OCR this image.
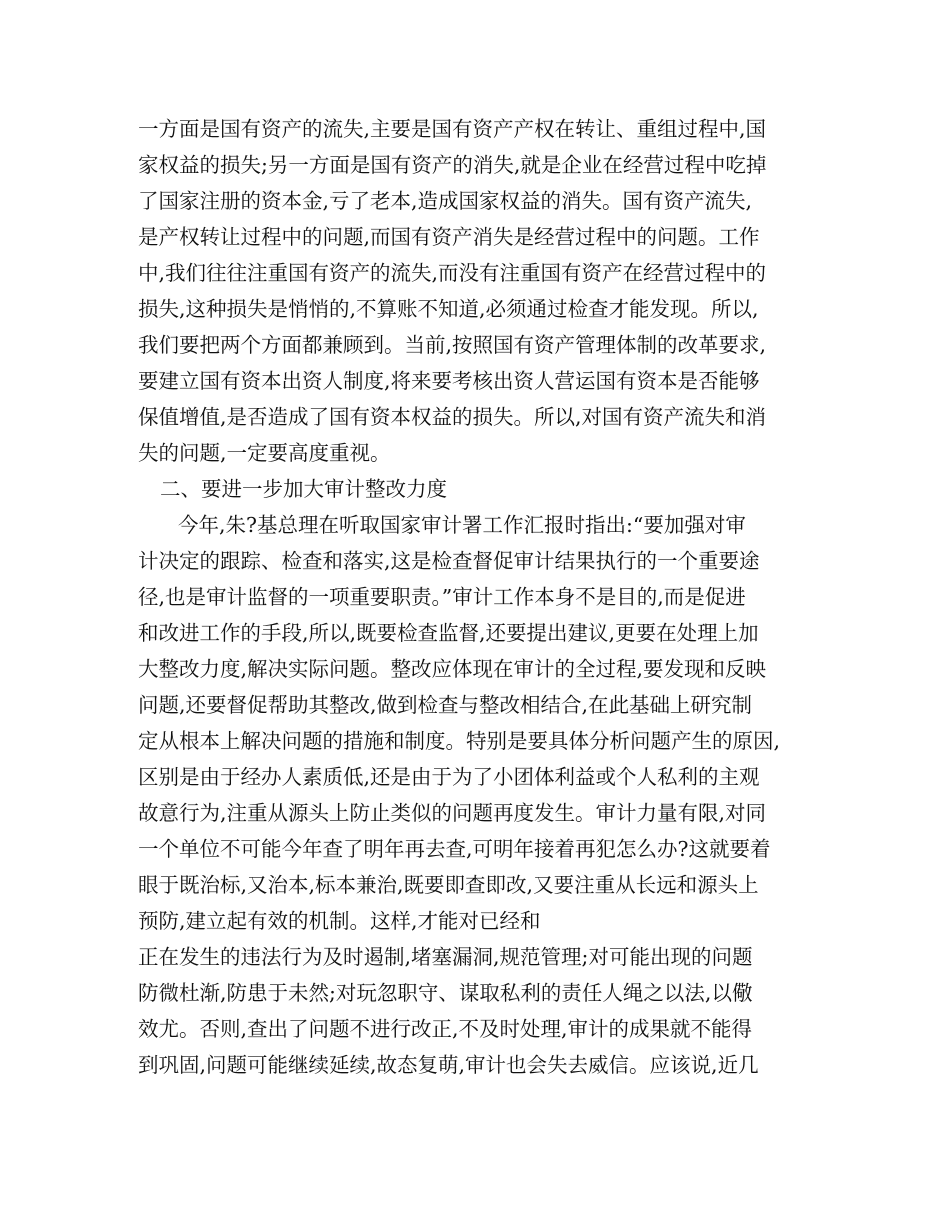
一方面是国有资产的流失,主要是国有资产产权在转让、重组过程中,国
家权益的损失;另一方面是国有资产的消失,就是企业在经营过程中吃掉
了国家注册的资本金,亏了老本,造成国家权益的消失。国有资产流失,
是产权转让过程中的问题,而国有资产消失是经营过程中的问题。工作
中,我们往往注重国有资产的流失,而没有注重国有资产在经营过程中的
损失,这种损失是悄悄的,不算账不知道,必须通过检查才能发现。所以,
我们要把两个方面都兼顾到。当前,按照国有资产管理体制的改革要求,
要建立国有资本出资人制度,将来要考核出资人营运国有资本是否能够
保值增值,是否造成了国有资本权益的损失。所以,对国有资产流失和消
失的问题,一定要高度重视。
二、要进一步加大审计整改力度
今年,朱?基总理在听取国家审计署工作汇报时指出:“要加强对审
计决定的跟踪、检查和落实,这是检查督促审计结果执行的一个重要途
径,也是审计监督的一项重要职责。”审计工作本身不是目的,而是促进
和改进工作的手段,所以,既要检查监督,还要提出建议,更要在处理上加
大整改力度,解决实际问题。整改应体现在审计的全过程,要发现和反映
问题,还要督促帮助其整改,做到检查与整改相结合,在此基础上研究制
定从根本上解决问题的措施和制度。特别是要具体分析问题产生的原因,
区别是由于经办人素质低,还是由于为了小团体利益或个人私利的主观
故意行为,注重从源头上防止类似的问题再度发生。审计力量有限,对同
一个单位不可能今年查了明年再去查,可明年接着再犯怎么办?这就要着
眼于既治标,又治本,标本兼治,既要即查即改,又要注重从长远和源头上
预防,建立起有效的机制。这样,才能对已经和
正在发生的违法行为及时遏制,堵塞漏洞,规范管理;对可能出现的问题
防微杜渐,防患于未然;对玩忽职守、谋取私利的责任人绳之以法,以儆
效尤。否则,查出了问题不进行改正,不及时处理,审计的成果就不能得
到巩固,问题可能继续延续,故态复萌,审计也会失去威信。应该说,近几
